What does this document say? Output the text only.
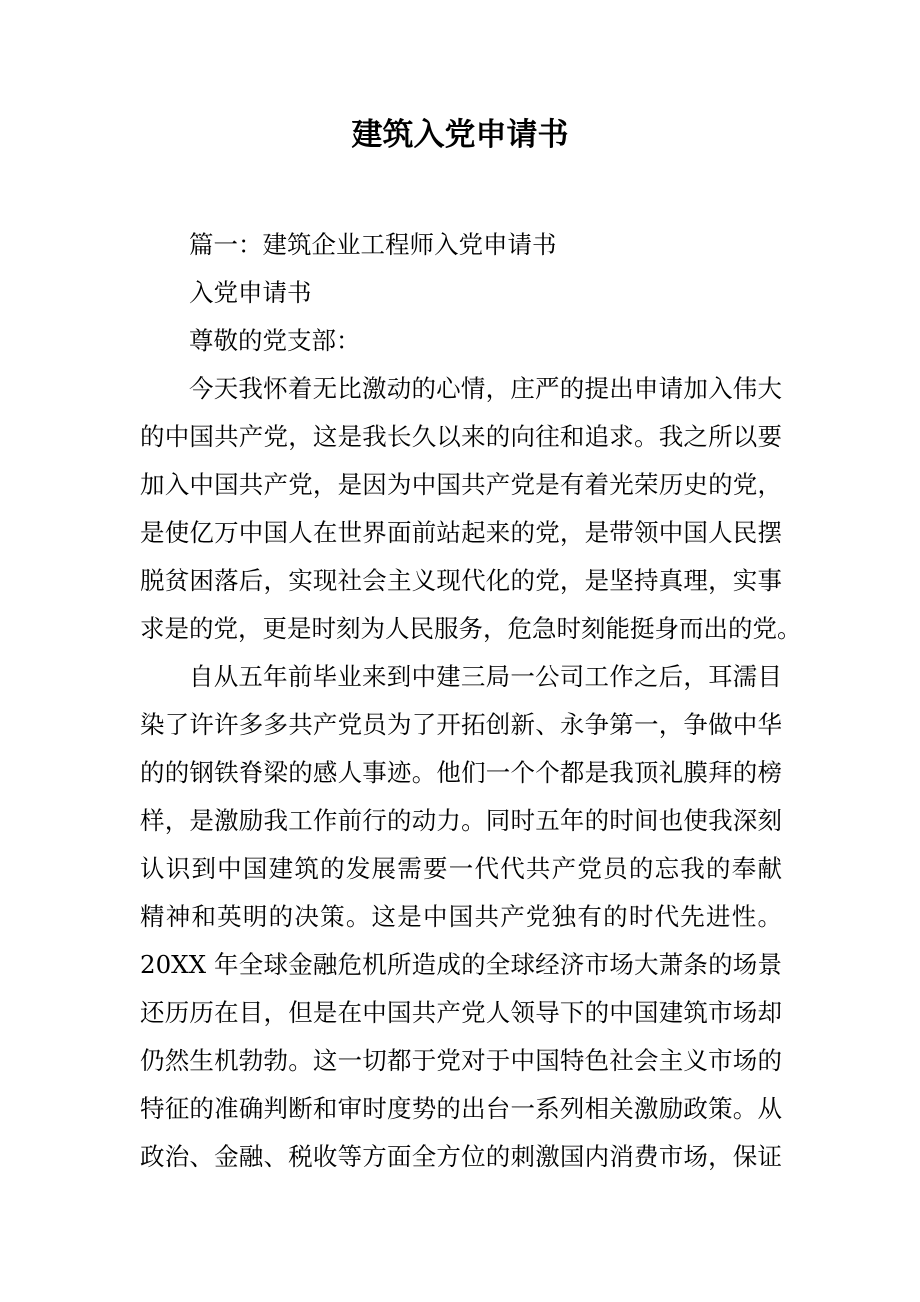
建筑入党申请书
篇一：建筑企业工程师入党申请书
入党申请书
尊敬的党支部：
今天我怀着无比激动的心情，庄严的提出申请加入伟大
的中国共产党，这是我长久以来的向往和追求。我之所以要
加入中国共产党，是因为中国共产党是有着光荣历史的党，
是使亿万中国人在世界面前站起来的党，是带领中国人民摆
脱贫困落后，实现社会主义现代化的党，是坚持真理，实事
求是的党，更是时刻为人民服务，危急时刻能挺身而出的党。
自从五年前毕业来到中建三局一公司工作之后，耳濡目
染了许许多多共产党员为了开拓创新、永争第一，争做中华
的的钢铁脊梁的感人事迹。他们一个个都是我顶礼膜拜的榜
样，是激励我工作前行的动力。同时五年的时间也使我深刻
认识到中国建筑的发展需要一代代共产党员的忘我的奉献
精神和英明的决策。这是中国共产党独有的时代先进性。
20XX 年全球金融危机所造成的全球经济市场大萧条的场景
还历历在目，但是在中国共产党人领导下的中国建筑市场却
仍然生机勃勃。这一切都于党对于中国特色社会主义市场的
特征的准确判断和审时度势的出台一系列相关激励政策。从
政治、金融、税收等方面全方位的刺激国内消费市场，保证
